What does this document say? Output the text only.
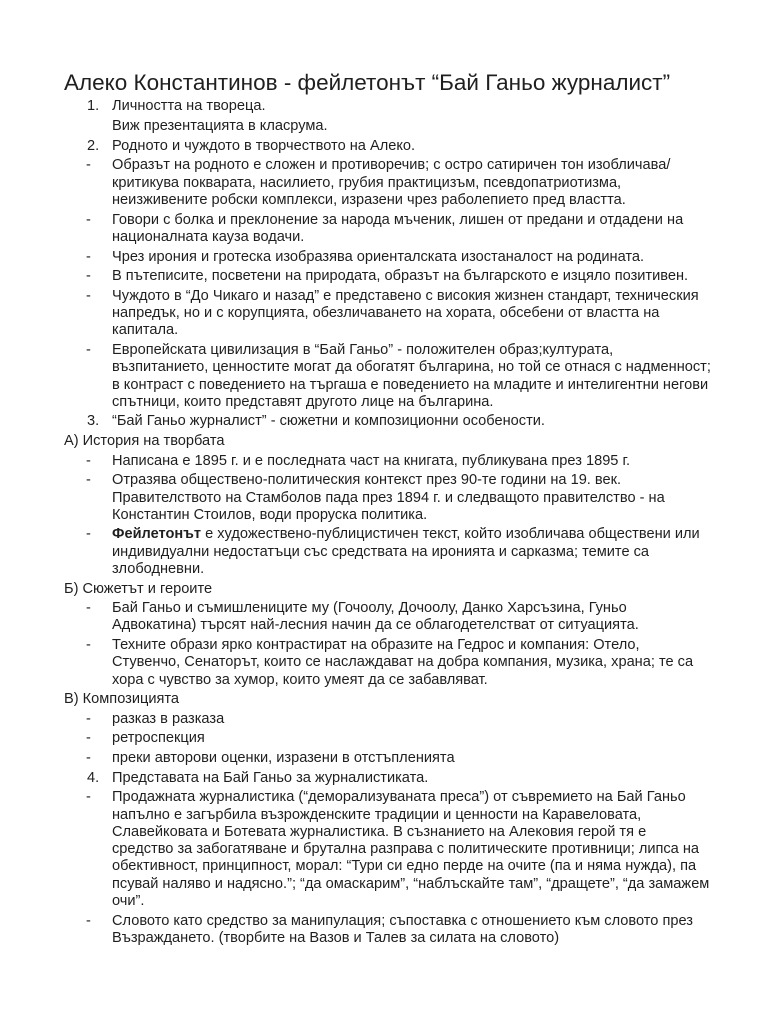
Алеко Константинов - фейлетонът “Бай Ганьо журналист”
1. Личността на твореца.
Виж презентацията в класрума.
2. Родното и чуждото в творчеството на Алеко.
- Образът на родното е сложен и противоречив; с остро сатиричен тон изобличава/ критикува покварата, насилието, грубия практицизъм, псевдопатриотизма, неизживените робски комплекси, изразени чрез раболепието пред властта.
- Говори с болка и преклонение за народа мъченик, лишен от предани и отдадени на националната кауза водачи.
- Чрез ирония и гротеска изобразява ориенталската изостаналост на родината.
- В пътеписите, посветени на природата, образът на българското е изцяло позитивен.
- Чуждото в “До Чикаго и назад” е представено с високия жизнен стандарт, техническия напредък, но и с корупцията, обезличаването на хората, обсебени от властта на капитала.
- Европейската цивилизация в “Бай Ганьо” - положителен образ;културата, възпитанието, ценностите могат да обогатят българина, но той се отнася с надменност; в контраст с поведението на търгаша е поведението на младите и интелигентни негови спътници, които представят другото лице на българина.
3. “Бай Ганьо журналист” - сюжетни и композиционни особености.
А) История на творбата
- Написана е 1895 г. и е последната част на книгата, публикувана през 1895 г.
- Отразява обществено-политическия контекст през 90-те години на 19. век. Правителството на Стамболов пада през 1894 г. и следващото правителство - на Константин Стоилов, води проруска политика.
- Фейлетонът е художествено-публицистичен текст, който изобличава обществени или индивидуални недостатъци със средствата на иронията и сарказма; темите са злободневни.
Б) Сюжетът и героите
- Бай Ганьо и съмишлениците му (Гочоолу, Дочоолу, Данко Харсъзина, Гуньо Адвокатина) търсят най-лесния начин да се облагодетелстват от ситуацията.
- Техните образи ярко контрастират на образите на Гедрос и компания: Отело, Стувенчо, Сенаторът, които се наслаждават на добра компания, музика, храна; те са хора с чувство за хумор, които умеят да се забавляват.
В) Композицията
- разказ в разказа
- ретроспекция
- преки авторови оценки, изразени в отстъпленията
4. Представата на Бай Ганьо за журналистиката.
- Продажната журналистика (“деморализуваната преса”) от съвремието на Бай Ганьо напълно е загърбила възрожденските традиции и ценности на Каравеловата, Славейковата и Ботевата журналистика. В съзнанието на Алековия герой тя е средство за забогатяване и брутална разправа с политическите противници; липса на обективност, принципност, морал: “Тури си едно перде на очите (па и няма нужда), па псувай наляво и надясно.”; “да омаскарим”, “наблъскайте там”, “дращете”, “да замажем очи”.
- Словото като средство за манипулация; съпоставка с отношението към словото през Възраждането. (творбите на Вазов и Талев за силата на словото)
